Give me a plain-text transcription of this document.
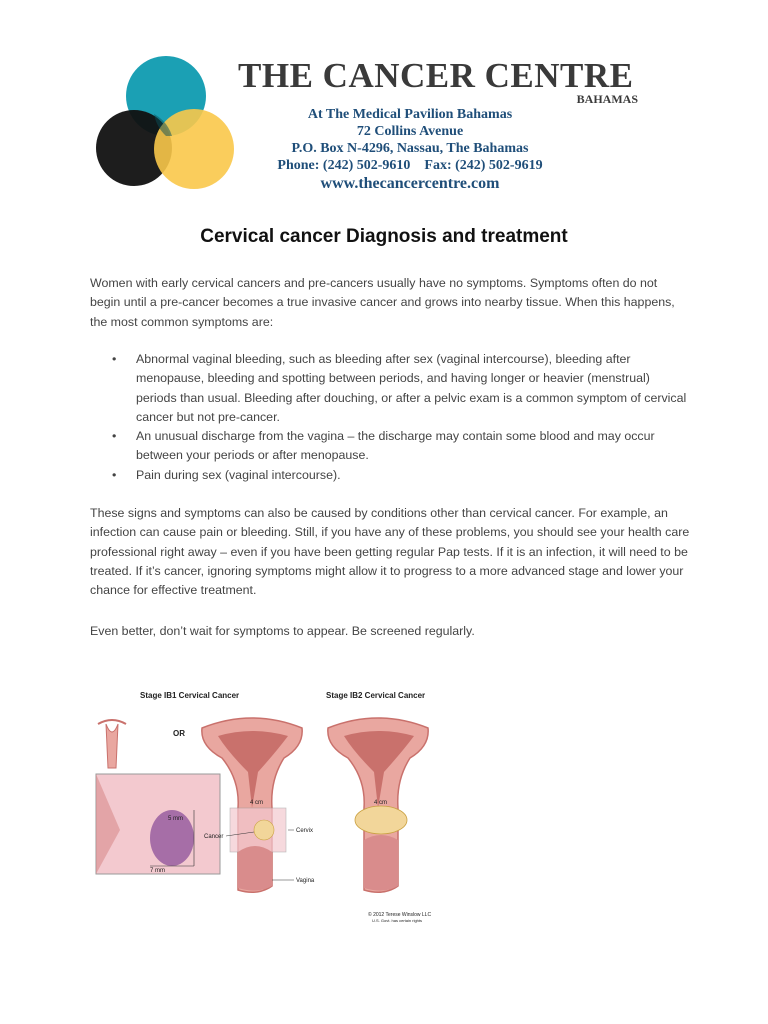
THE CANCER CENTRE
BAHAMAS
At The Medical Pavilion Bahamas
72 Collins Avenue
P.O. Box N-4296, Nassau, The Bahamas
Phone: (242) 502-9610    Fax: (242) 502-9619
www.thecancercentre.com
Cervical cancer Diagnosis and treatment

Women with early cervical cancers and pre-cancers usually have no symptoms. Symptoms often do not begin until a pre-cancer becomes a true invasive cancer and grows into nearby tissue. When this happens, the most common symptoms are:

• Abnormal vaginal bleeding, such as bleeding after sex (vaginal intercourse), bleeding after menopause, bleeding and spotting between periods, and having longer or heavier (menstrual) periods than usual. Bleeding after douching, or after a pelvic exam is a common symptom of cervical cancer but not pre-cancer.
• An unusual discharge from the vagina – the discharge may contain some blood and may occur between your periods or after menopause.
• Pain during sex (vaginal intercourse).

These signs and symptoms can also be caused by conditions other than cervical cancer. For example, an infection can cause pain or bleeding. Still, if you have any of these problems, you should see your health care professional right away – even if you have been getting regular Pap tests. If it is an infection, it will need to be treated. If it’s cancer, ignoring symptoms might allow it to progress to a more advanced stage and lower your chance for effective treatment.

Even better, don’t wait for symptoms to appear. Be screened regularly.

Stage IB1 Cervical Cancer	Stage IB2 Cervical Cancer
OR
5 mm
7 mm
4 cm
Cancer
Cervix
Vagina
4 cm
© 2012 Terese Winslow LLC
U.S. Govt. has certain rights
